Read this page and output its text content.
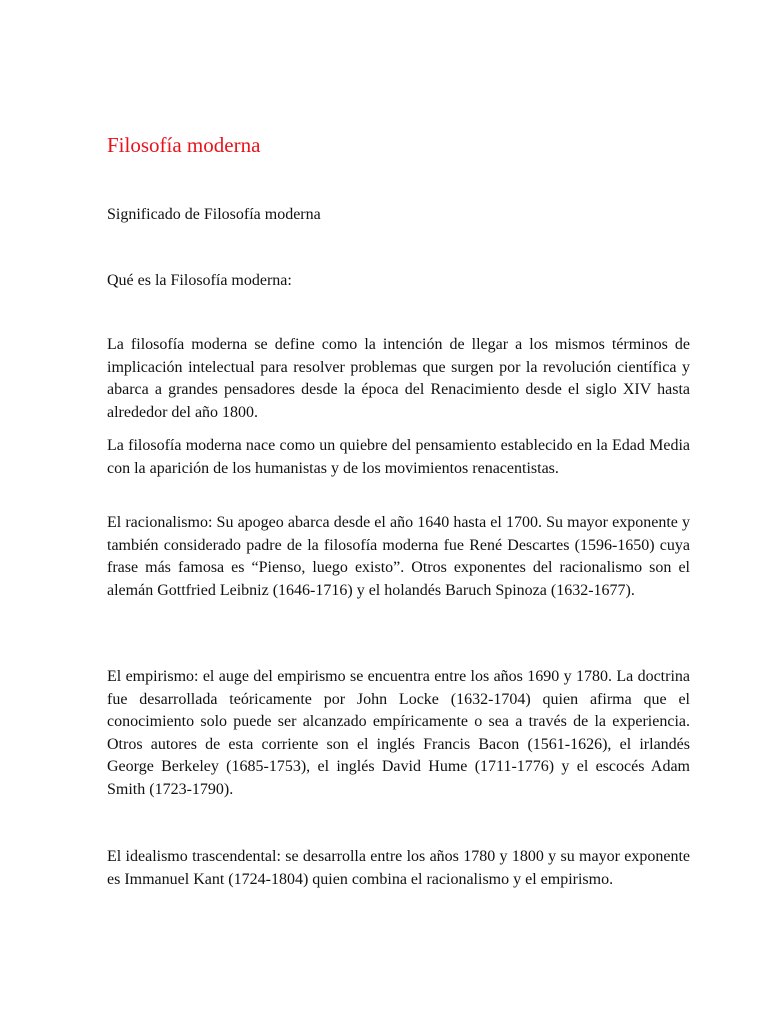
Filosofía moderna

Significado de Filosofía moderna

Qué es la Filosofía moderna:

La filosofía moderna se define como la intención de llegar a los mismos términos de implicación intelectual para resolver problemas que surgen por la revolución científica y abarca a grandes pensadores desde la época del Renacimiento desde el siglo XIV hasta alrededor del año 1800.

La filosofía moderna nace como un quiebre del pensamiento establecido en la Edad Media con la aparición de los humanistas y de los movimientos renacentistas.

El racionalismo: Su apogeo abarca desde el año 1640 hasta el 1700. Su mayor exponente y también considerado padre de la filosofía moderna fue René Descartes (1596-1650) cuya frase más famosa es “Pienso, luego existo”. Otros exponentes del racionalismo son el alemán Gottfried Leibniz (1646-1716) y el holandés Baruch Spinoza (1632-1677).

El empirismo: el auge del empirismo se encuentra entre los años 1690 y 1780. La doctrina fue desarrollada teóricamente por John Locke (1632-1704) quien afirma que el conocimiento solo puede ser alcanzado empíricamente o sea a través de la experiencia. Otros autores de esta corriente son el inglés Francis Bacon (1561-1626), el irlandés George Berkeley (1685-1753), el inglés David Hume (1711-1776) y el escocés Adam Smith (1723-1790).

El idealismo trascendental: se desarrolla entre los años 1780 y 1800 y su mayor exponente es Immanuel Kant (1724-1804) quien combina el racionalismo y el empirismo.
